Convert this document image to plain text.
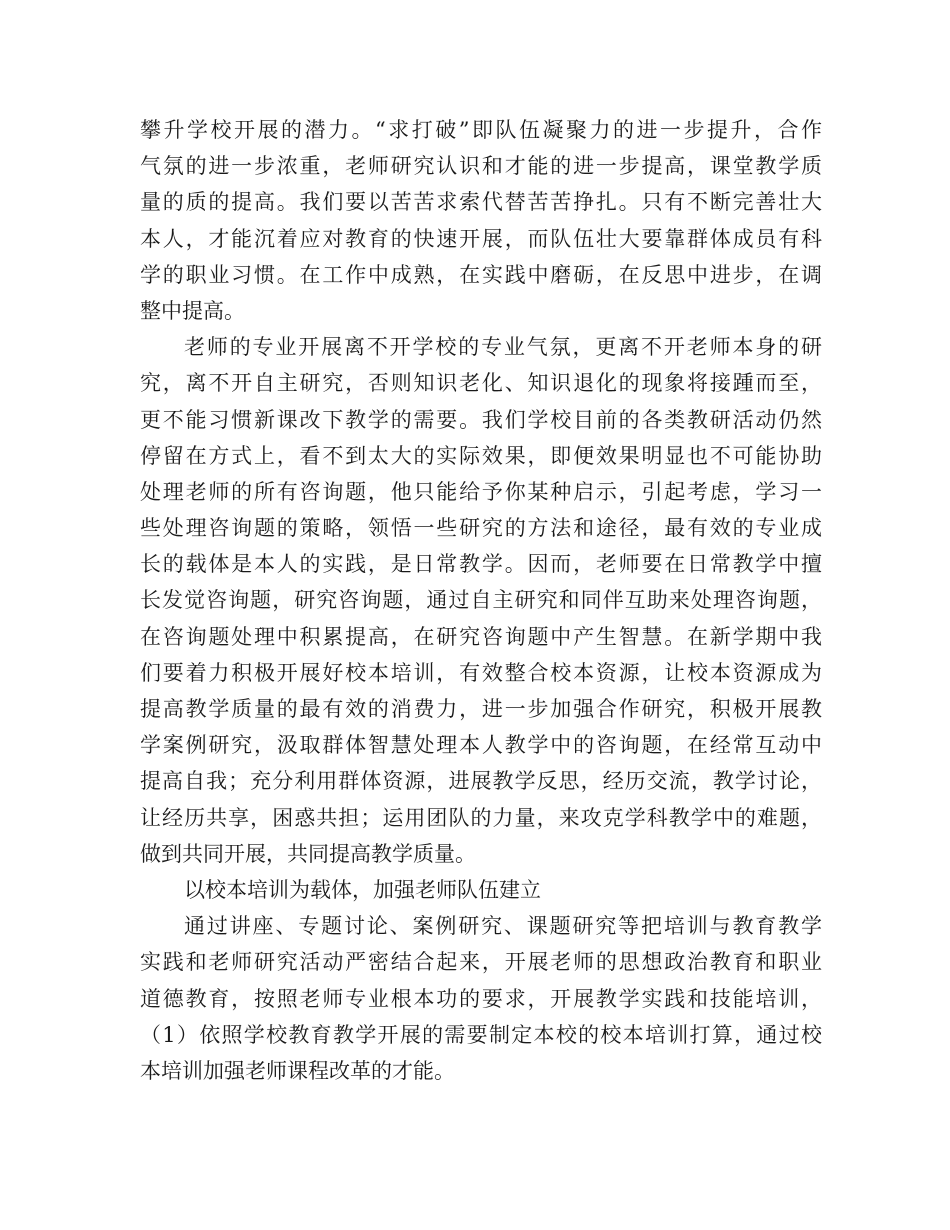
攀升学校开展的潜力。“求打破”即队伍凝聚力的进一步提升，合作
气氛的进一步浓重，老师研究认识和才能的进一步提高，课堂教学质
量的质的提高。我们要以苦苦求索代替苦苦挣扎。只有不断完善壮大
本人，才能沉着应对教育的快速开展，而队伍壮大要靠群体成员有科
学的职业习惯。在工作中成熟，在实践中磨砺，在反思中进步，在调
整中提高。
老师的专业开展离不开学校的专业气氛，更离不开老师本身的研
究，离不开自主研究，否则知识老化、知识退化的现象将接踵而至，
更不能习惯新课改下教学的需要。我们学校目前的各类教研活动仍然
停留在方式上，看不到太大的实际效果，即便效果明显也不可能协助
处理老师的所有咨询题，他只能给予你某种启示，引起考虑，学习一
些处理咨询题的策略，领悟一些研究的方法和途径，最有效的专业成
长的载体是本人的实践，是日常教学。因而，老师要在日常教学中擅
长发觉咨询题，研究咨询题，通过自主研究和同伴互助来处理咨询题，
在咨询题处理中积累提高，在研究咨询题中产生智慧。在新学期中我
们要着力积极开展好校本培训，有效整合校本资源，让校本资源成为
提高教学质量的最有效的消费力，进一步加强合作研究，积极开展教
学案例研究，汲取群体智慧处理本人教学中的咨询题，在经常互动中
提高自我；充分利用群体资源，进展教学反思，经历交流，教学讨论，
让经历共享，困惑共担；运用团队的力量，来攻克学科教学中的难题，
做到共同开展，共同提高教学质量。
以校本培训为载体，加强老师队伍建立
通过讲座、专题讨论、案例研究、课题研究等把培训与教育教学
实践和老师研究活动严密结合起来，开展老师的思想政治教育和职业
道德教育，按照老师专业根本功的要求，开展教学实践和技能培训，
（1）依照学校教育教学开展的需要制定本校的校本培训打算，通过校
本培训加强老师课程改革的才能。
